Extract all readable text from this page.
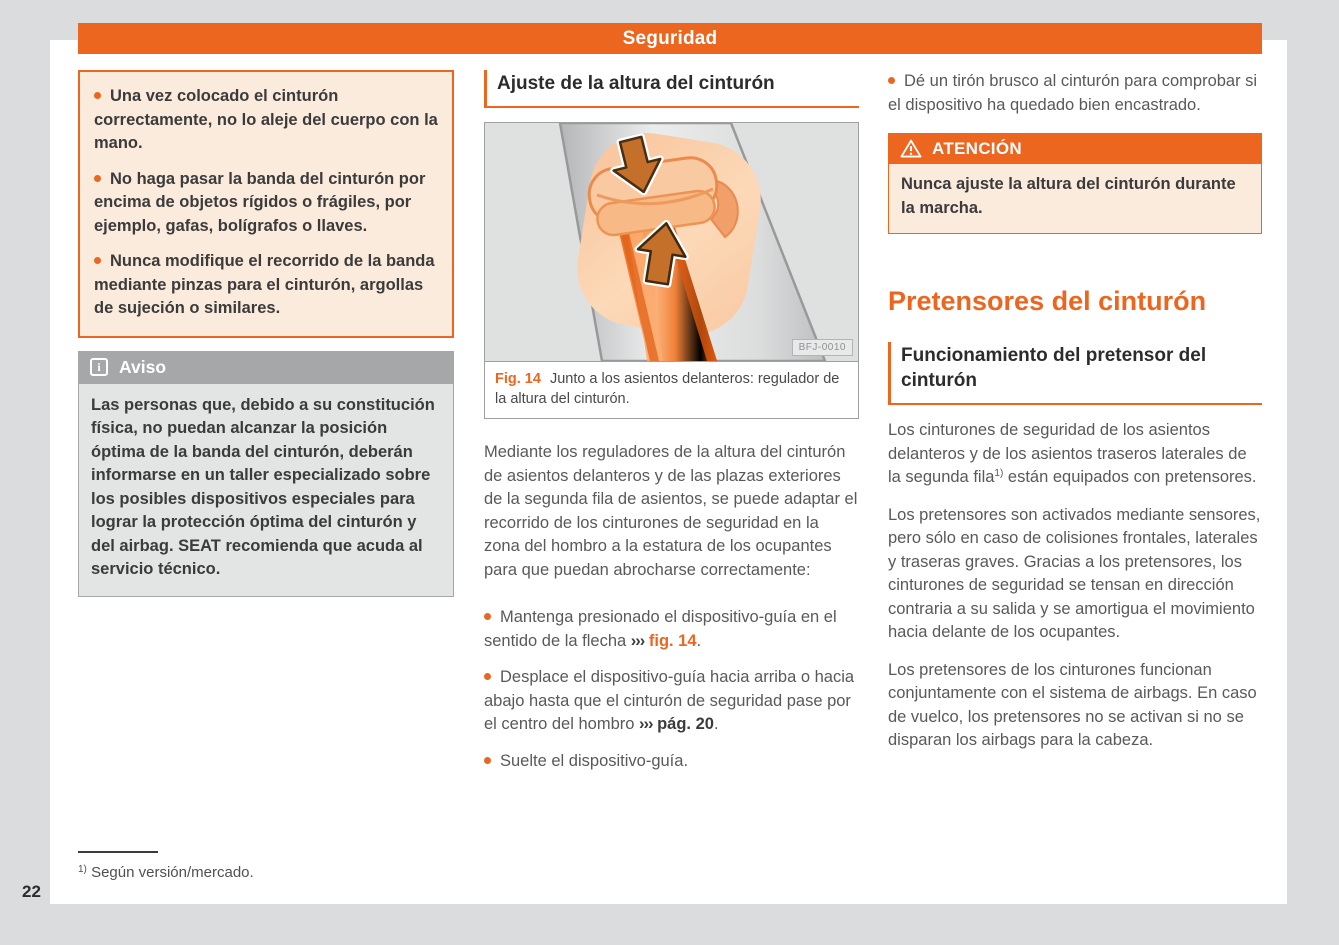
Seguridad

Una vez colocado el cinturón correctamente, no lo aleje del cuerpo con la mano.

No haga pasar la banda del cinturón por encima de objetos rígidos o frágiles, por ejemplo, gafas, bolígrafos o llaves.

Nunca modifique el recorrido de la banda mediante pinzas para el cinturón, argollas de sujeción o similares.

i	Aviso
Las personas que, debido a su constitución física, no puedan alcanzar la posición óptima de la banda del cinturón, deberán informarse en un taller especializado sobre los posibles dispositivos especiales para lograr la protección óptima del cinturón y del airbag. SEAT recomienda que acuda al servicio técnico.
Ajuste de la altura del cinturón
BFJ-0010
Fig. 14 Junto a los asientos delanteros: regulador de la altura del cinturón.

Mediante los reguladores de la altura del cinturón de asientos delanteros y de las plazas exteriores de la segunda fila de asientos, se puede adaptar el recorrido de los cinturones de seguridad en la zona del hombro a la estatura de los ocupantes para que puedan abrocharse correctamente:

Mantenga presionado el dispositivo-guía en el sentido de la flecha ››› fig. 14.

Desplace el dispositivo-guía hacia arriba o hacia abajo hasta que el cinturón de seguridad pase por el centro del hombro ››› pág. 20.

Suelte el dispositivo-guía.

Dé un tirón brusco al cinturón para comprobar si el dispositivo ha quedado bien encastrado.

ATENCIÓN
Nunca ajuste la altura del cinturón durante la marcha.
Pretensores del cinturón
Funcionamiento del pretensor del cinturón

Los cinturones de seguridad de los asientos delanteros y de los asientos traseros laterales de la segunda fila$^{1)}$ están equipados con pretensores.

Los pretensores son activados mediante sensores, pero sólo en caso de colisiones frontales, laterales y traseras graves. Gracias a los pretensores, los cinturones de seguridad se tensan en dirección contraria a su salida y se amortigua el movimiento hacia delante de los ocupantes.

Los pretensores de los cinturones funcionan conjuntamente con el sistema de airbags. En caso de vuelco, los pretensores no se activan si no se disparan los airbags para la cabeza.

$^{1)}$ Según versión/mercado.

22
